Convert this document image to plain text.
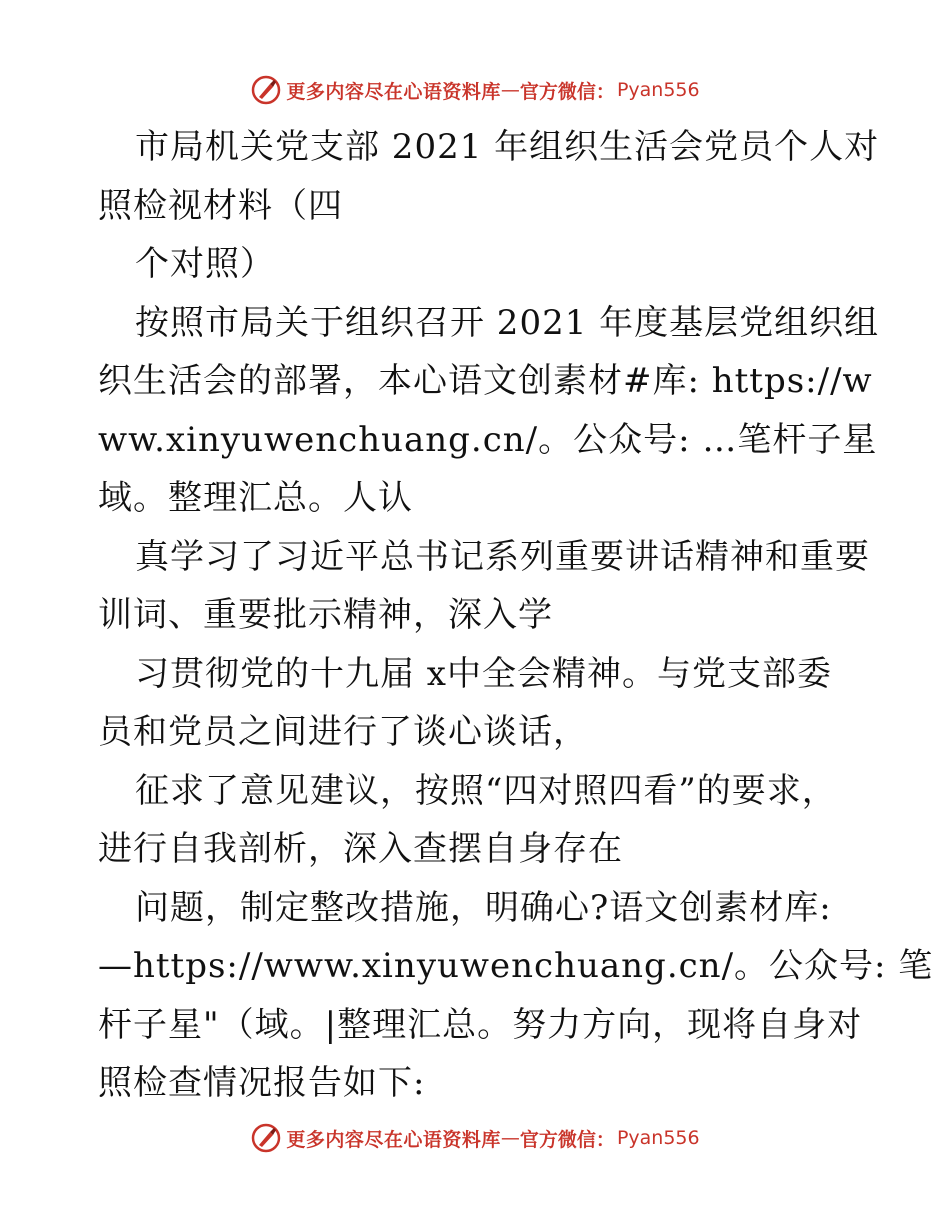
更多内容尽在心语资料库 — 官方微信： Pyan556
市局机关党支部 2021 年组织生活会党员个人对
照检视材料（四
个对照）
按照市局关于组织召开 2021 年度基层党组织组
织生活会的部署，本心语文创素材#库: https://w
ww.xinyuwenchuang.cn/。公众号: …笔杆子星
域。整理汇总。人认
真学习了习近平总书记系列重要讲话精神和重要
训词、重要批示精神，深入学
习贯彻党的十九届 x中全会精神。与党支部委
员和党员之间进行了谈心谈话，
征求了意见建议，按照“四对照四看”的要求，
进行自我剖析，深入查摆自身存在
问题，制定整改措施，明确心?语文创素材库:
—https://www.xinyuwenchuang.cn/。公众号: 笔
杆子星"（域。|整理汇总。努力方向，现将自身对
照检查情况报告如下:
更多内容尽在心语资料库 — 官方微信： Pyan556
